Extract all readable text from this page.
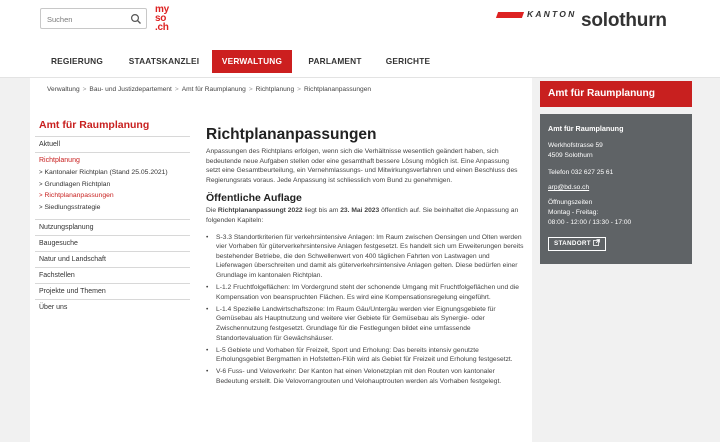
Suchen
my
so
.ch
KANTON solothurn
REGIERUNG	STAATSKANZLEI	VERWALTUNG	PARLAMENT	GERICHTE
Verwaltung > Bau- und Justizdepartement > Amt für Raumplanung > Richtplanung > Richtplananpassungen
Amt für Raumplanung
Aktuell
Richtplanung
> Kantonaler Richtplan (Stand 25.05.2021)
> Grundlagen Richtplan
> Richtplananpassungen
> Siedlungsstrategie
Nutzungsplanung
Baugesuche
Natur und Landschaft
Fachstellen
Projekte und Themen
Über uns
Richtplananpassungen

Anpassungen des Richtplans erfolgen, wenn sich die Verhältnisse wesentlich geändert haben, sich bedeutende neue Aufgaben stellen oder eine gesamthaft bessere Lösung möglich ist. Eine Anpassung setzt eine Gesamtbeurteilung, ein Vernehmlassungs- und Mitwirkungsverfahren und einen Beschluss des Regierungsrats voraus. Jede Anpassung ist schliesslich vom Bund zu genehmigen.

Öffentliche Auflage

Die Richtplananpassungt 2022 liegt bis am 23. Mai 2023 öffentlich auf. Sie beinhaltet die Anpassung an folgenden Kapiteln:

• S-3.3 Standortkriterien für verkehrsintensive Anlagen: Im Raum zwischen Oensingen und Olten werden vier Vorhaben für güterverkehrsintensive Anlagen festgesetzt. Es handelt sich um Erweiterungen bereits bestehender Betriebe, die den Schwellenwert von 400 täglichen Fahrten von Lastwagen und Lieferwagen überschreiten und damit als güterverkehrsintensive Anlagen gelten. Diese bedürfen einer Grundlage im kantonalen Richtplan.
• L-1.2 Fruchtfolgeflächen: Im Vordergrund steht der schonende Umgang mit Fruchtfolgeflächen und die Kompensation von beanspruchten Flächen. Es wird eine Kompensationsregelung eingeführt.
• L-1.4 Spezielle Landwirtschaftszone: Im Raum Gäu/Untergäu werden vier Eignungsgebiete für Gemüsebau als Hauptnutzung und weitere vier Gebiete für Gemüsebau als Synergie- oder Zwischennutzung festgesetzt. Grundlage für die Festlegungen bildet eine umfassende Standortevaluation für Gewächshäuser.
• L-5 Gebiete und Vorhaben für Freizeit, Sport und Erholung: Das bereits intensiv genutzte Erholungsgebiet Bergmatten in Hofstetten-Flüh wird als Gebiet für Freizeit und Erholung festgesetzt.
• V-6 Fuss- und Veloverkehr: Der Kanton hat einen Velonetzplan mit den Routen von kantonaler Bedeutung erstellt. Die Velovorrangrouten und Velohauptrouten werden als Vorhaben festgelegt.
Amt für Raumplanung
Amt für Raumplanung
Werkhofstrasse 59
4509 Solothurn
Telefon 032 627 25 61
arp@bd.so.ch
Öffnungszeiten
Montag - Freitag:
08:00 - 12:00 / 13:30 - 17:00
STANDORT
